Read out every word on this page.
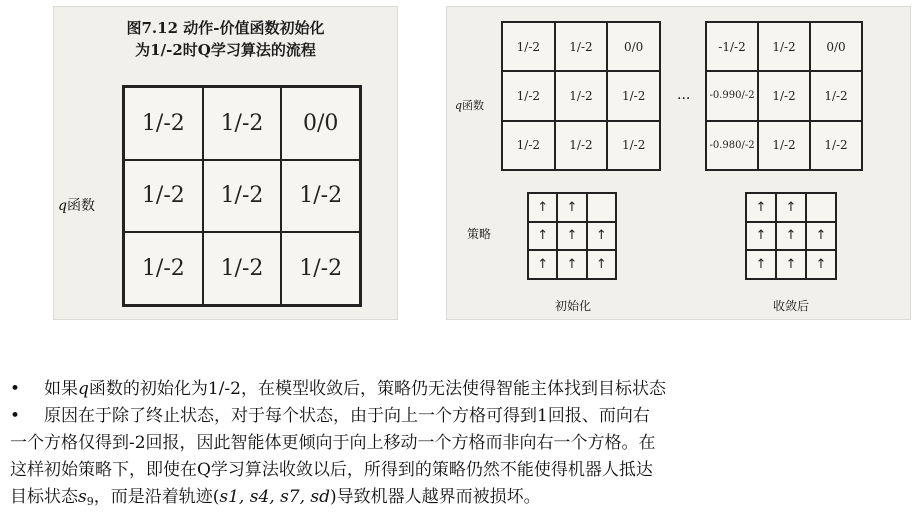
图7.12 动作-价值函数初始化
为1/-2时Q学习算法的流程
q函数
1/-2	1/-2	0/0
1/-2	1/-2	1/-2
1/-2	1/-2	1/-2
q函数
1/-2	1/-2	0/0
1/-2	1/-2	1/-2
1/-2	1/-2	1/-2
···
-1/-2	1/-2	0/0
-0.990/-2	1/-2	1/-2
-0.980/-2	1/-2	1/-2
策略
↑	↑
↑	↑	↑
↑	↑	↑
↑	↑
↑	↑	↑
↑	↑	↑
初始化	收敛后
• 如果q函数的初始化为1/-2，在模型收敛后，策略仍无法使得智能主体找到目标状态
• 原因在于除了终止状态，对于每个状态，由于向上一个方格可得到1回报、而向右
一个方格仅得到-2回报，因此智能体更倾向于向上移动一个方格而非向右一个方格。在
这样初始策略下，即使在Q学习算法收敛以后，所得到的策略仍然不能使得机器人抵达
目标状态$s_9$，而是沿着轨迹(s1, s4, s7, sd)导致机器人越界而被损坏。
